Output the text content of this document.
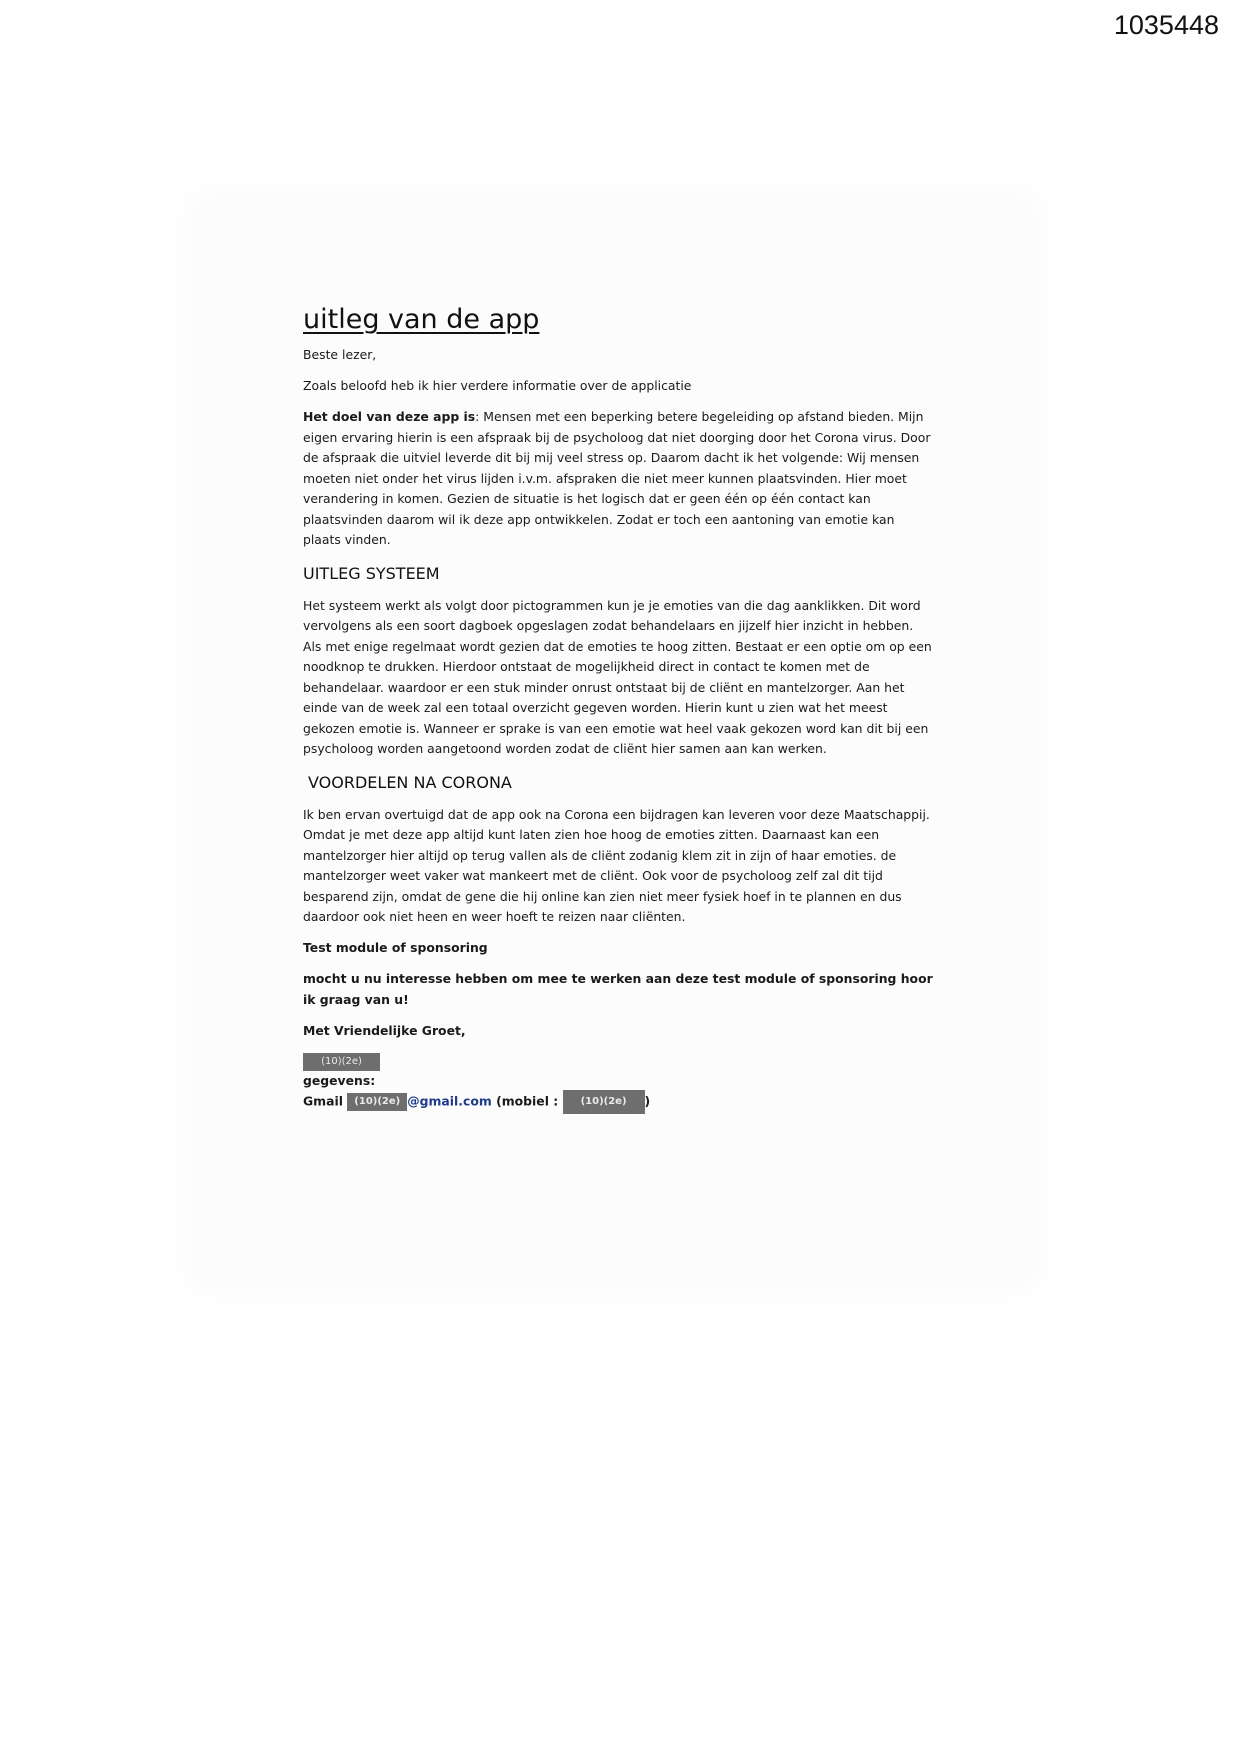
1035448
uitleg van de app

Beste lezer,

Zoals beloofd heb ik hier verdere informatie over de applicatie

Het doel van deze app is: Mensen met een beperking betere begeleiding op afstand bieden. Mijn eigen ervaring hierin is een afspraak bij de psycholoog dat niet doorging door het Corona virus. Door de afspraak die uitviel leverde dit bij mij veel stress op. Daarom dacht ik het volgende: Wij mensen moeten niet onder het virus lijden i.v.m. afspraken die niet meer kunnen plaatsvinden. Hier moet verandering in komen. Gezien de situatie is het logisch dat er geen één op één contact kan plaatsvinden daarom wil ik deze app ontwikkelen. Zodat er toch een aantoning van emotie kan plaats vinden.

UITLEG SYSTEEM

Het systeem werkt als volgt door pictogrammen kun je je emoties van die dag aanklikken. Dit word vervolgens als een soort dagboek opgeslagen zodat behandelaars en jijzelf hier inzicht in hebben. Als met enige regelmaat wordt gezien dat de emoties te hoog zitten. Bestaat er een optie om op een noodknop te drukken. Hierdoor ontstaat de mogelijkheid direct in contact te komen met de behandelaar. waardoor er een stuk minder onrust ontstaat bij de cliënt en mantelzorger. Aan het einde van de week zal een totaal overzicht gegeven worden. Hierin kunt u zien wat het meest gekozen emotie is. Wanneer er sprake is van een emotie wat heel vaak gekozen word kan dit bij een psycholoog worden aangetoond worden zodat de cliënt hier samen aan kan werken.

VOORDELEN NA CORONA

Ik ben ervan overtuigd dat de app ook na Corona een bijdragen kan leveren voor deze Maatschappij. Omdat je met deze app altijd kunt laten zien hoe hoog de emoties zitten. Daarnaast kan een mantelzorger hier altijd op terug vallen als de cliënt zodanig klem zit in zijn of haar emoties. de mantelzorger weet vaker wat mankeert met de cliënt. Ook voor de psycholoog zelf zal dit tijd besparend zijn, omdat de gene die hij online kan zien niet meer fysiek hoef in te plannen en dus daardoor ook niet heen en weer hoeft te reizen naar cliënten.

Test module of sponsoring

mocht u nu interesse hebben om mee te werken aan deze test module of sponsoring hoor ik graag van u!

Met Vriendelijke Groet,

(10)(2e)
gegevens:
Gmail (10)(2e) @gmail.com (mobiel : (10)(2e) )
